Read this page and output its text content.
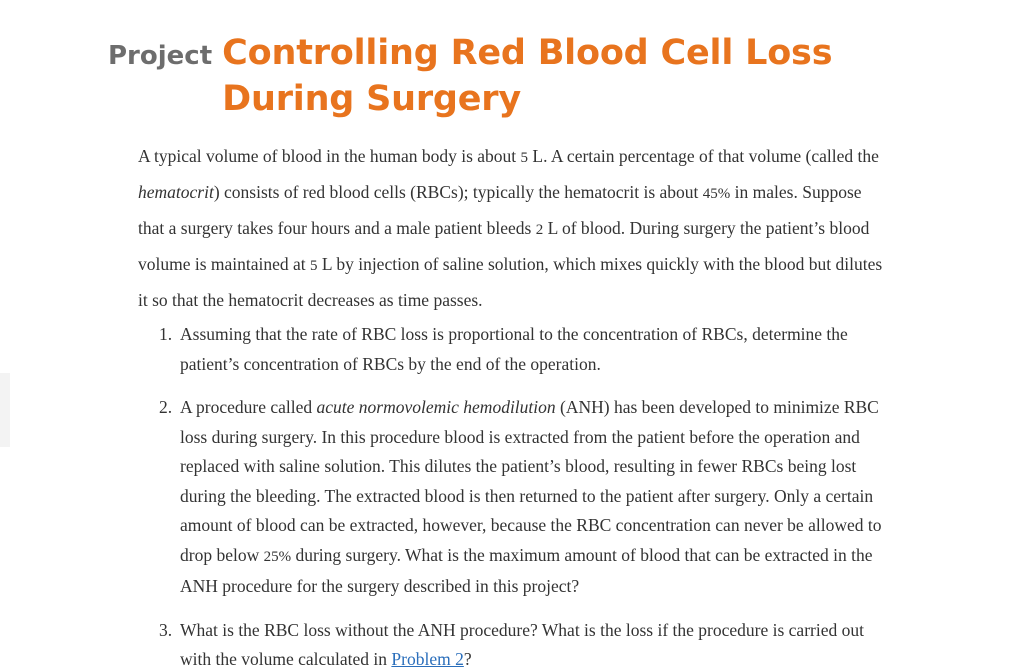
Project Controlling Red Blood Cell Loss
During Surgery

A typical volume of blood in the human body is about 5 L. A certain percentage of that volume (called the
hematocrit) consists of red blood cells (RBCs); typically the hematocrit is about 45% in males. Suppose
that a surgery takes four hours and a male patient bleeds 2 L of blood. During surgery the patient’s blood
volume is maintained at 5 L by injection of saline solution, which mixes quickly with the blood but dilutes
it so that the hematocrit decreases as time passes.

1. Assuming that the rate of RBC loss is proportional to the concentration of RBCs, determine the
patient’s concentration of RBCs by the end of the operation.
2. A procedure called acute normovolemic hemodilution (ANH) has been developed to minimize RBC
loss during surgery. In this procedure blood is extracted from the patient before the operation and
replaced with saline solution. This dilutes the patient’s blood, resulting in fewer RBCs being lost
during the bleeding. The extracted blood is then returned to the patient after surgery. Only a certain
amount of blood can be extracted, however, because the RBC concentration can never be allowed to
drop below 25% during surgery. What is the maximum amount of blood that can be extracted in the
ANH procedure for the surgery described in this project?
3. What is the RBC loss without the ANH procedure? What is the loss if the procedure is carried out
with the volume calculated in Problem 2?
